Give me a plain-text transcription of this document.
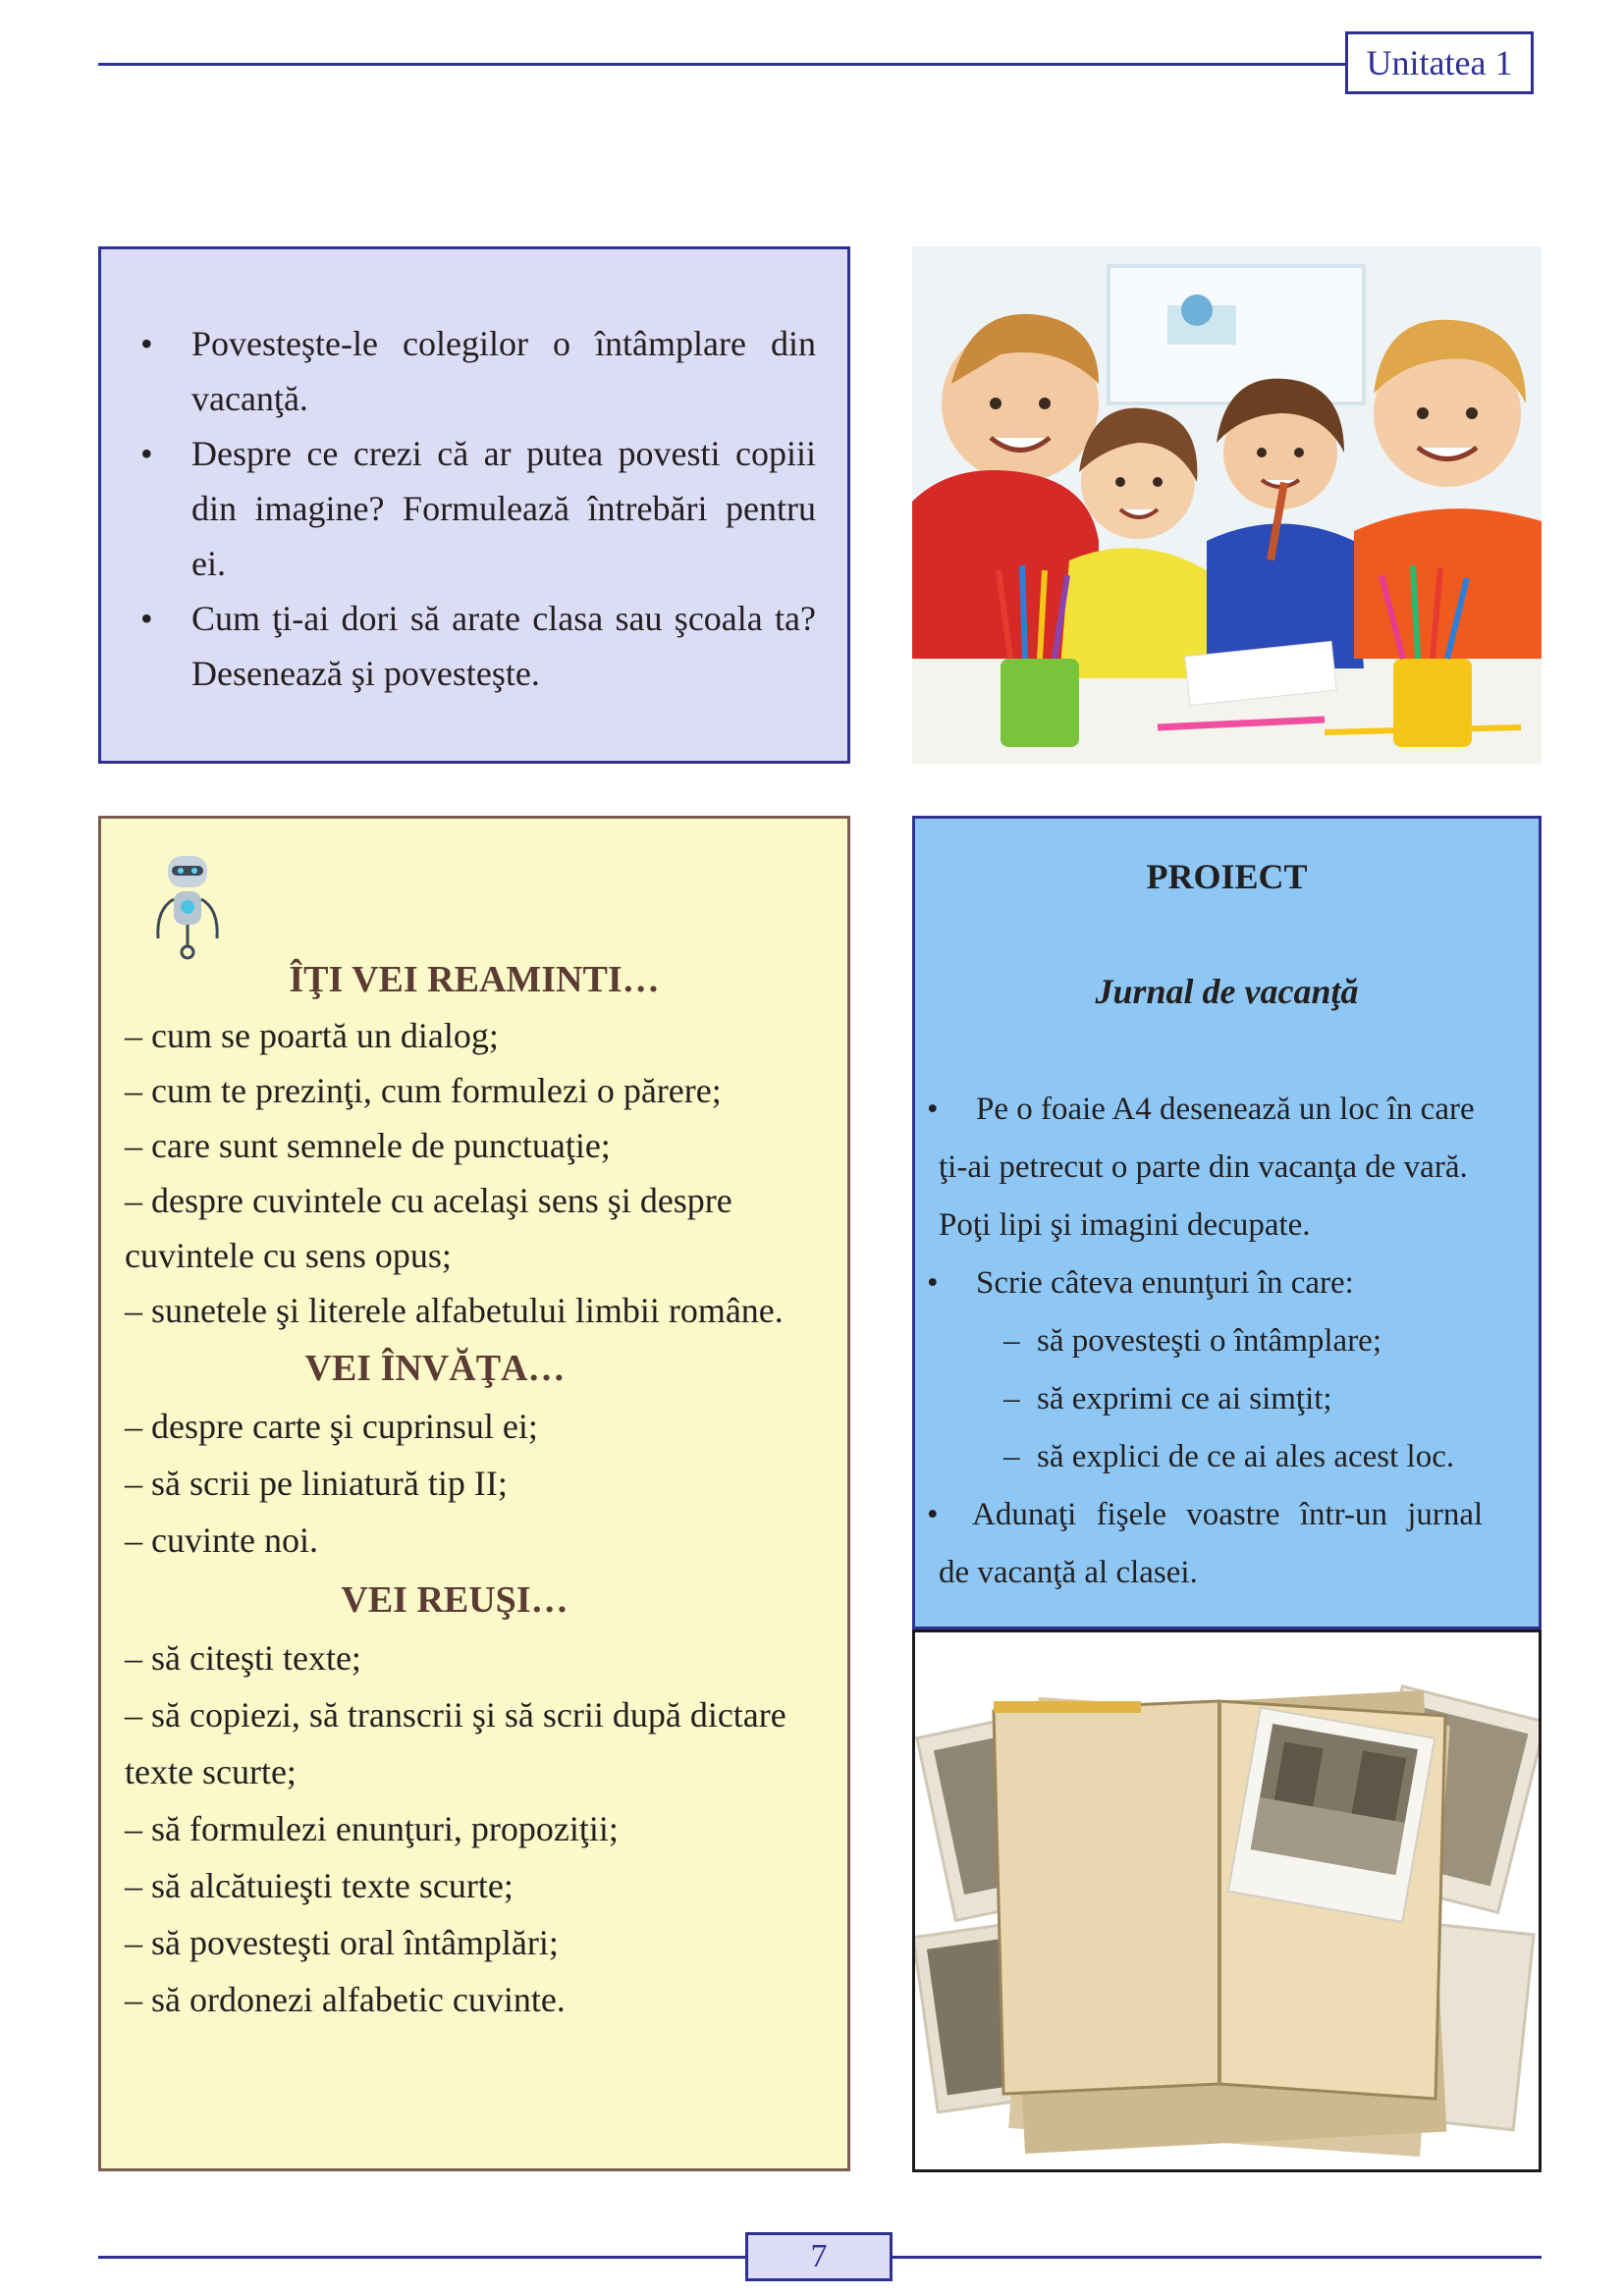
Unitatea 1
• Povesteşte-le colegilor o întâmplare din vacanţă.
• Despre ce crezi că ar putea povesti copiii din imagine? Formulează întrebări pentru ei.
• Cum ţi-ai dori să arate clasa sau şcoala ta? Desenează şi povesteşte.
ÎŢI VEI REAMINTI…
– cum se poartă un dialog;
– cum te prezinţi, cum formulezi o părere;
– care sunt semnele de punctuaţie;
– despre cuvintele cu acelaşi sens şi despre
cuvintele cu sens opus;
– sunetele şi literele alfabetului limbii române.
VEI ÎNVĂŢA…
– despre carte şi cuprinsul ei;
– să scrii pe liniatură tip II;
– cuvinte noi.
VEI REUŞI…
– să citeşti texte;
– să copiezi, să transcrii şi să scrii după dictare
texte scurte;
– să formulezi enunţuri, propoziţii;
– să alcătuieşti texte scurte;
– să povesteşti oral întâmplări;
– să ordonezi alfabetic cuvinte.
PROIECT
Jurnal de vacanţă
• Pe o foaie A4 desenează un loc în care
ţi-ai petrecut o parte din vacanţa de vară.
Poţi lipi şi imagini decupate.
• Scrie câteva enunţuri în care:
– să povesteşti o întâmplare;
– să exprimi ce ai simţit;
– să explici de ce ai ales acest loc.
• Adunaţi fişele voastre într-un jurnal
de vacanţă al clasei.
7
